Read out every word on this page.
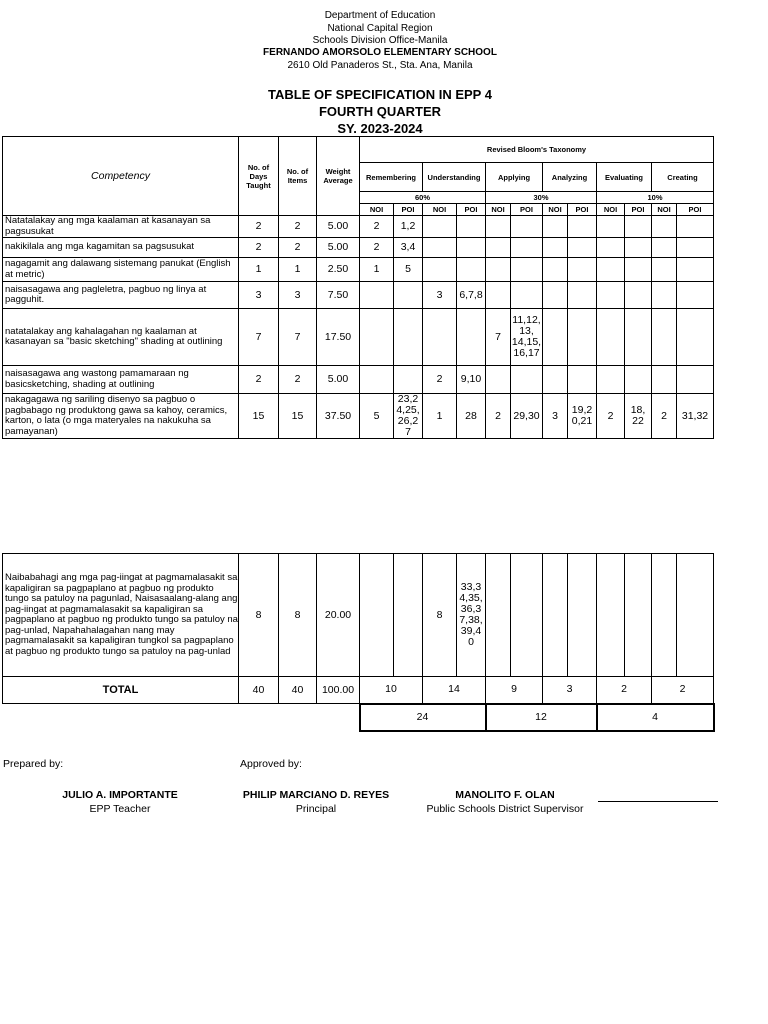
Department of Education
National Capital Region
Schools Division Office-Manila
FERNANDO AMORSOLO ELEMENTARY SCHOOL
2610 Old Panaderos St., Sta. Ana, Manila
TABLE OF SPECIFICATION IN EPP 4
FOURTH QUARTER
SY. 2023-2024
Competency	No. of Days Taught	No. of Items	Weight Average	Revised Bloom's Taxonomy											
				Remembering		Understanding		Applying		Analyzing		Evaluating		Creating	
				60%				30%				10%			
				NOI	POI	NOI	POI	NOI	POI	NOI	POI	NOI	POI	NOI	POI
Natatalakay ang mga kaalaman at kasanayan sa pagsusukat	2	2	5.00	2	1,2										
nakikilala ang mga kagamitan sa pagsusukat	2	2	5.00	2	3,4										
nagagamit ang dalawang sistemang panukat (English at metric)	1	1	2.50	1	5										
naisasagawa ang pagleletra, pagbuo ng linya at pagguhit.	3	3	7.50			3	6,7,8								
natatalakay ang kahalagahan ng kaalaman at kasanayan sa "basic sketching" shading at outlining	7	7	17.50					7	11,12, 13, 14,15, 16,17						
naisasagawa ang wastong pamamaraan ng basicsketching, shading at outlining	2	2	5.00			2	9,10								
nakagagawa ng sariling disenyo sa pagbuo o pagbabago ng produktong gawa sa kahoy, ceramics, karton, o lata (o mga materyales na nakukuha sa pamayanan)	15	15	37.50	5	23,2 4,25, 26,2 7	1	28	2	29,30	3	19,2 0,21	2	18, 22	2	31,32
Naibabahagi ang mga pag-iingat at pagmamalasakit sa kapaligiran sa pagpaplano at pagbuo ng produkto tungo sa patuloy na pagunlad, Naisasaalang-alang ang pag-iingat at pagmamalasakit sa kapaligiran sa pagpaplano at pagbuo ng produkto tungo sa patuloy na pag-unlad, Napahahalagahan nang may pagmamalasakit sa kapaligiran tungkol sa pagpaplano at pagbuo ng produkto tungo sa patuloy na pag-unlad	8	8	20.00			8	33,3 4,35, 36,3 7,38, 39,4 0								
TOTAL	40	40	100.00	10		14		9		3		2		2	
				24				12				4			
Prepared by:	Approved by:
JULIO A. IMPORTANTE
EPP Teacher
PHILIP MARCIANO D. REYES
Principal
MANOLITO F. OLAN
Public Schools District Supervisor
